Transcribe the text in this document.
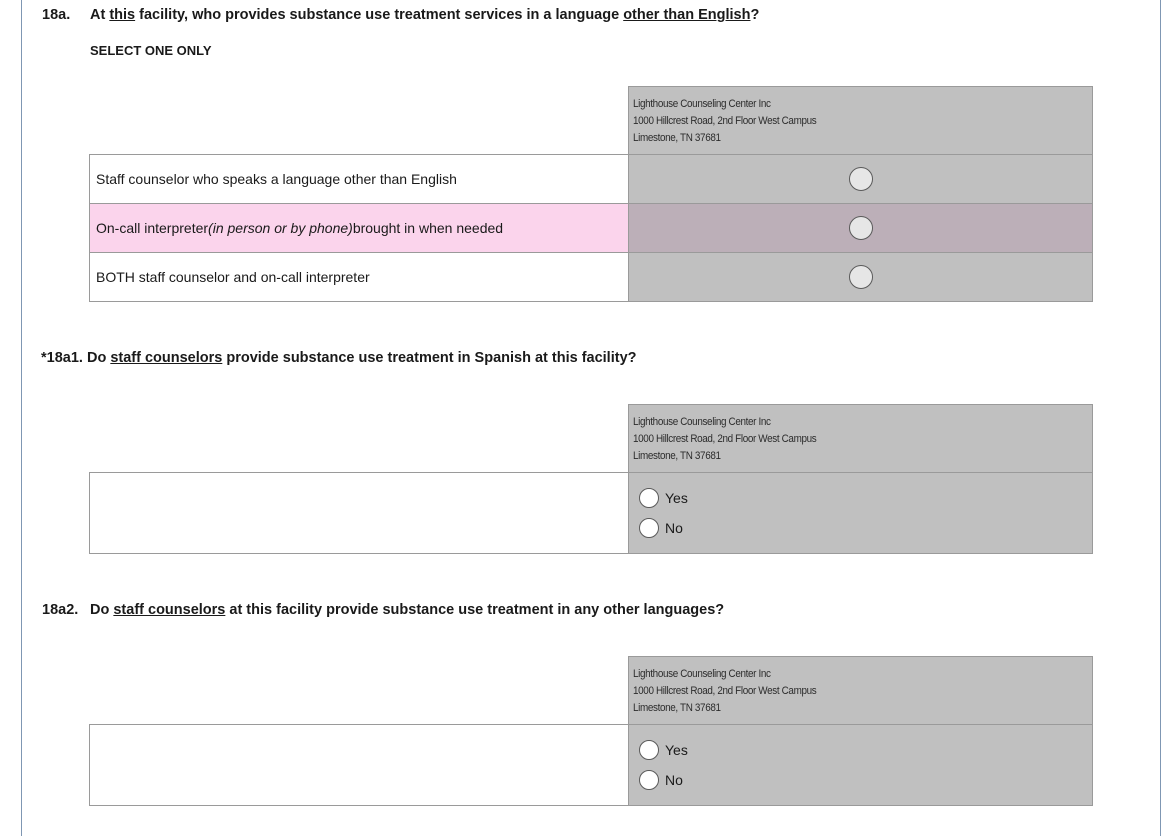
18a. At this facility, who provides substance use treatment services in a language other than English?
SELECT ONE ONLY
Lighthouse Counseling Center Inc
1000 Hillcrest Road, 2nd Floor West Campus
Limestone, TN 37681
Staff counselor who speaks a language other than English
On-call interpreter (in person or by phone) brought in when needed
BOTH staff counselor and on-call interpreter
*18a1. Do staff counselors provide substance use treatment in Spanish at this facility?
Lighthouse Counseling Center Inc
1000 Hillcrest Road, 2nd Floor West Campus
Limestone, TN 37681
Yes
No
18a2. Do staff counselors at this facility provide substance use treatment in any other languages?
Lighthouse Counseling Center Inc
1000 Hillcrest Road, 2nd Floor West Campus
Limestone, TN 37681
Yes
No
